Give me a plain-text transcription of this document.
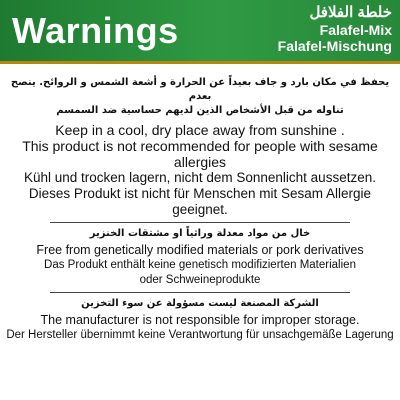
Warnings	خلطة الفلافل
Falafel-Mix
Falafel-Mischung
يحفظ في مكان بارد و جاف بعيداً عن الحرارة و أشعة الشمس و الروائح. ينصح بعدم
تناوله من قبل الأشخاص الذين لديهم حساسية ضد السمسم
Keep in a cool, dry place away from sunshine .
This product is not recommended for people with sesame allergies
Kühl und trocken lagern, nicht dem Sonnenlicht aussetzen.
Dieses Produkt ist nicht für Menschen mit Sesam Allergie geeignet.
خال من مواد معدلة وراثياً او مشتقات الخنزير
Free from genetically modified materials or pork derivatives
Das Produkt enthält keine genetisch modifizierten Materialien
oder Schweineprodukte
الشركة المصنعة ليست مسؤولة عن سوء التخزين
The manufacturer is not responsible for improper storage.
Der Hersteller übernimmt keine Verantwortung für unsachgemäße Lagerung
